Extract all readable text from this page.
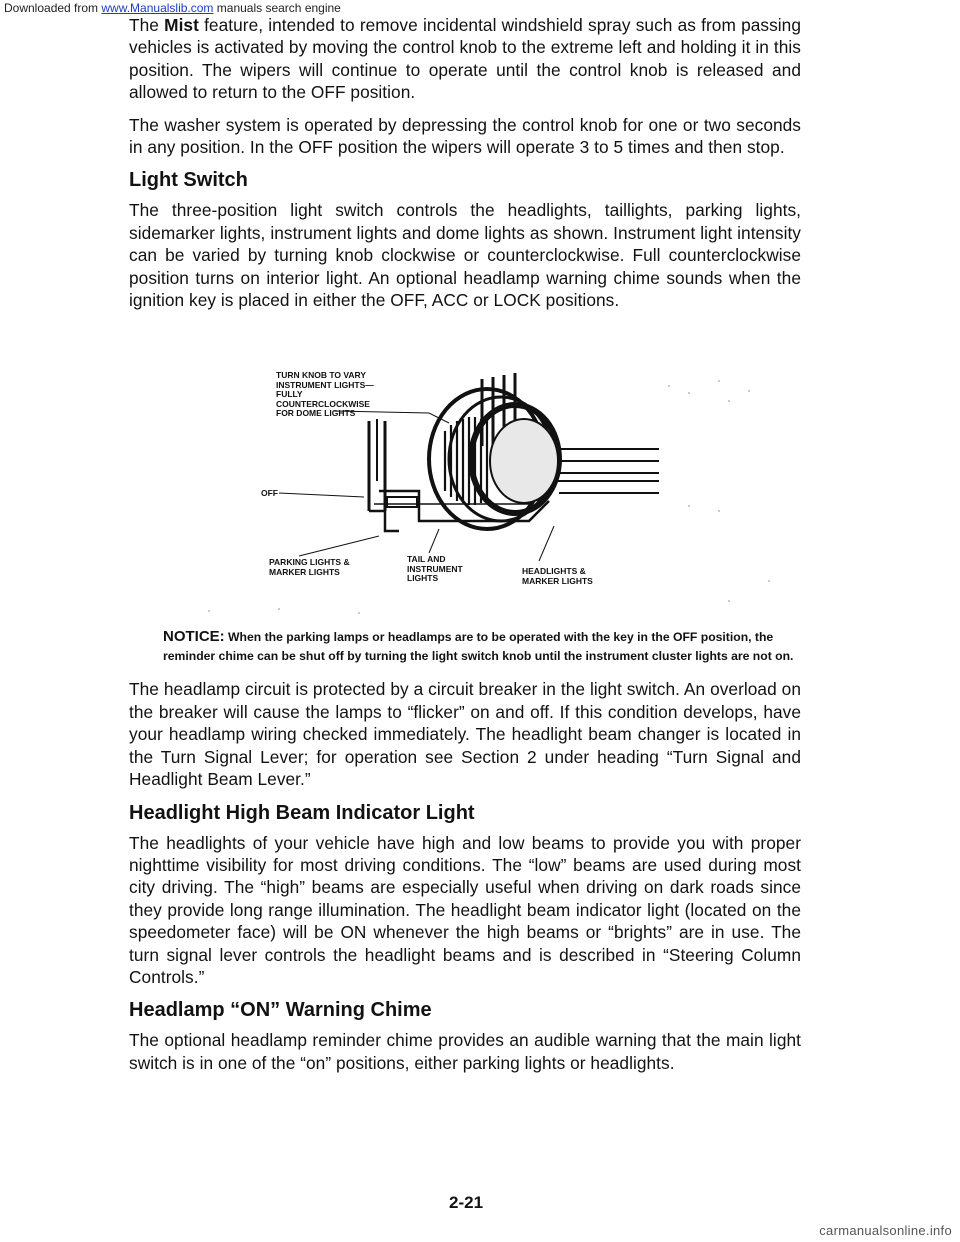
Downloaded from www.Manualslib.com manuals search engine

The Mist feature, intended to remove incidental windshield spray such as from passing vehicles is activated by moving the control knob to the extreme left and holding it in this position. The wipers will continue to operate until the control knob is released and allowed to return to the OFF position.

The washer system is operated by depressing the control knob for one or two seconds in any position. In the OFF position the wipers will operate 3 to 5 times and then stop.

Light Switch

The three-position light switch controls the headlights, taillights, parking lights, sidemarker lights, instrument lights and dome lights as shown. Instrument light intensity can be varied by turning knob clockwise or counterclockwise. Full counterclockwise position turns on interior light. An optional headlamp warning chime sounds when the ignition key is placed in either the OFF, ACC or LOCK positions.

TURN KNOB TO VARY INSTRUMENT LIGHTS—FULLY COUNTERCLOCKWISE FOR DOME LIGHTS
OFF
PARKING LIGHTS & MARKER LIGHTS
TAIL AND INSTRUMENT LIGHTS
HEADLIGHTS & MARKER LIGHTS

NOTICE: When the parking lamps or headlamps are to be operated with the key in the OFF position, the reminder chime can be shut off by turning the light switch knob until the instrument cluster lights are not on.

The headlamp circuit is protected by a circuit breaker in the light switch. An overload on the breaker will cause the lamps to “flicker” on and off. If this condition develops, have your headlamp wiring checked immediately. The headlight beam changer is located in the Turn Signal Lever; for operation see Section 2 under heading “Turn Signal and Headlight Beam Lever.”

Headlight High Beam Indicator Light

The headlights of your vehicle have high and low beams to provide you with proper nighttime visibility for most driving conditions. The “low” beams are used during most city driving. The “high” beams are especially useful when driving on dark roads since they provide long range illumination. The headlight beam indicator light (located on the speedometer face) will be ON whenever the high beams or “brights” are in use. The turn signal lever controls the headlight beams and is described in “Steering Column Controls.”

Headlamp “ON” Warning Chime

The optional headlamp reminder chime provides an audible warning that the main light switch is in one of the “on” positions, either parking lights or headlights.

2-21
carmanualsonline.info
